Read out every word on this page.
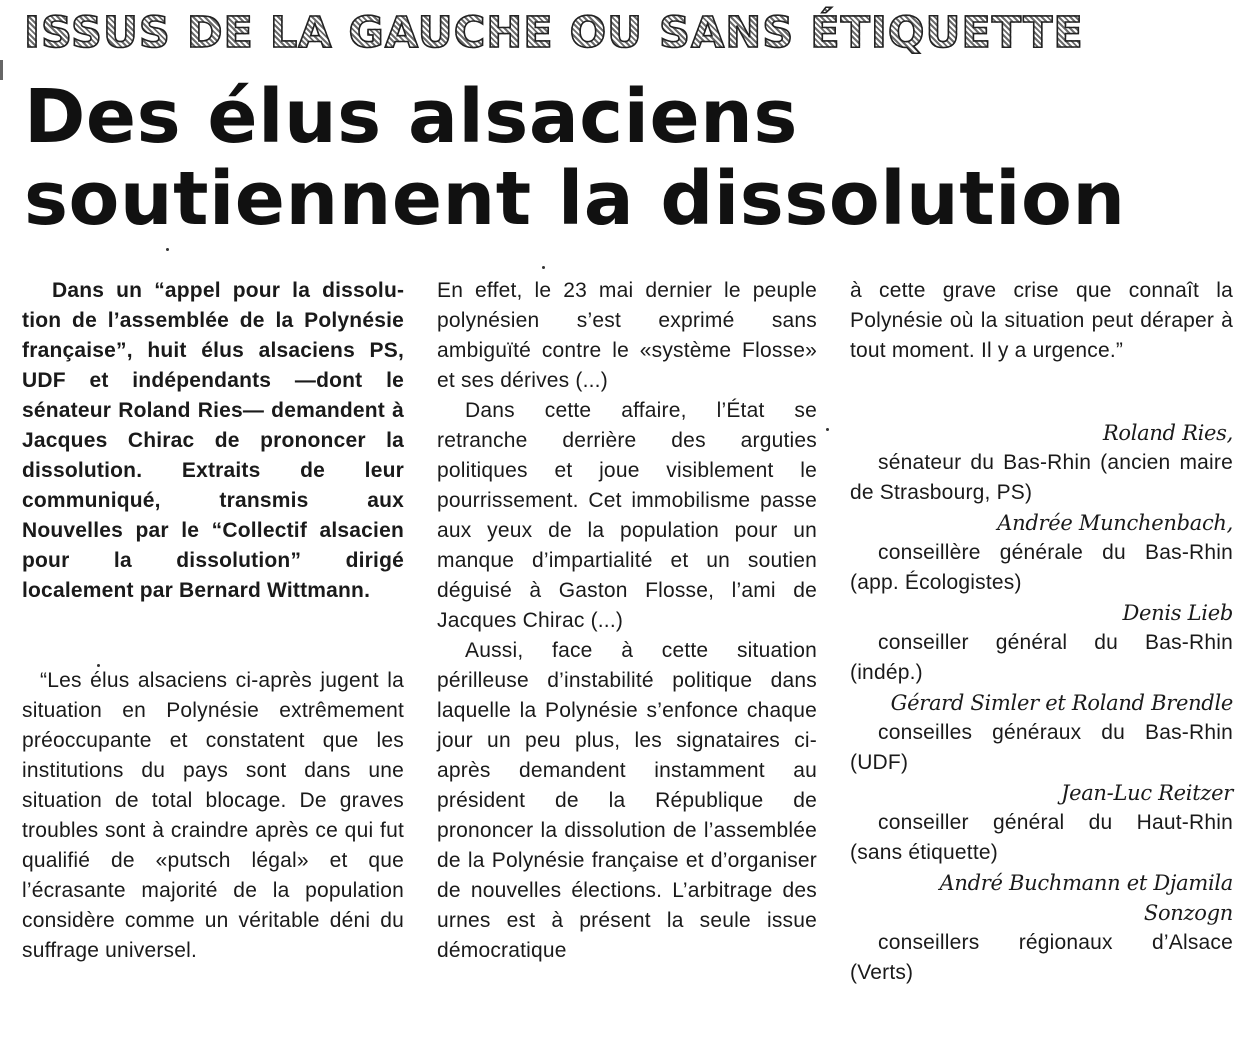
ISSUS DE LA GAUCHE OU SANS ÉTIQUETTE
Des élus alsaciens
soutiennent la dissolution

Dans un “appel pour la dissolution de l’assemblée de la Polynésie française”, huit élus alsaciens PS, UDF et indépendants —dont le sénateur Roland Ries— demandent à Jacques Chirac de prononcer la dissolution. Extraits de leur communiqué, transmis aux Nouvelles par le “Collectif alsacien pour la dissolution” dirigé localement par Bernard Wittmann.

“Les élus alsaciens ci-après jugent la situation en Polynésie extrêmement préoccupante et constatent que les institutions du pays sont dans une situation de total blocage. De graves troubles sont à craindre après ce qui fut qualifié de «putsch légal» et que l’écrasante majorité de la population considère comme un véritable déni du suffrage universel.

En effet, le 23 mai dernier le peuple polynésien s’est exprimé sans ambiguïté contre le «système Flosse» et ses dérives (...)

Dans cette affaire, l’État se retranche derrière des arguties politiques et joue visiblement le pourrissement. Cet immobilisme passe aux yeux de la population pour un manque d’impartialité et un soutien déguisé à Gaston Flosse, l’ami de Jacques Chirac (...)

Aussi, face à cette situation périlleuse d’instabilité politique dans laquelle la Polynésie s’enfonce chaque jour un peu plus, les signataires ci-après demandent instamment au président de la République de prononcer la dissolution de l’assemblée de la Polynésie française et d’organiser de nouvelles élections. L’arbitrage des urnes est à présent la seule issue démocratique

à cette grave crise que connaît la Polynésie où la situation peut déraper à tout moment. Il y a urgence.”

Roland Ries,
sénateur du Bas-Rhin (ancien maire de Strasbourg, PS)
Andrée Munchenbach,
conseillère générale du Bas-Rhin (app. Écologistes)
Denis Lieb
conseiller général du Bas-Rhin (indép.)
Gérard Simler et Roland Brendle
conseilles généraux du Bas-Rhin (UDF)
Jean-Luc Reitzer
conseiller général du Haut-Rhin (sans étiquette)
André Buchmann et Djamila Sonzogn
conseillers régionaux d’Alsace (Verts)
